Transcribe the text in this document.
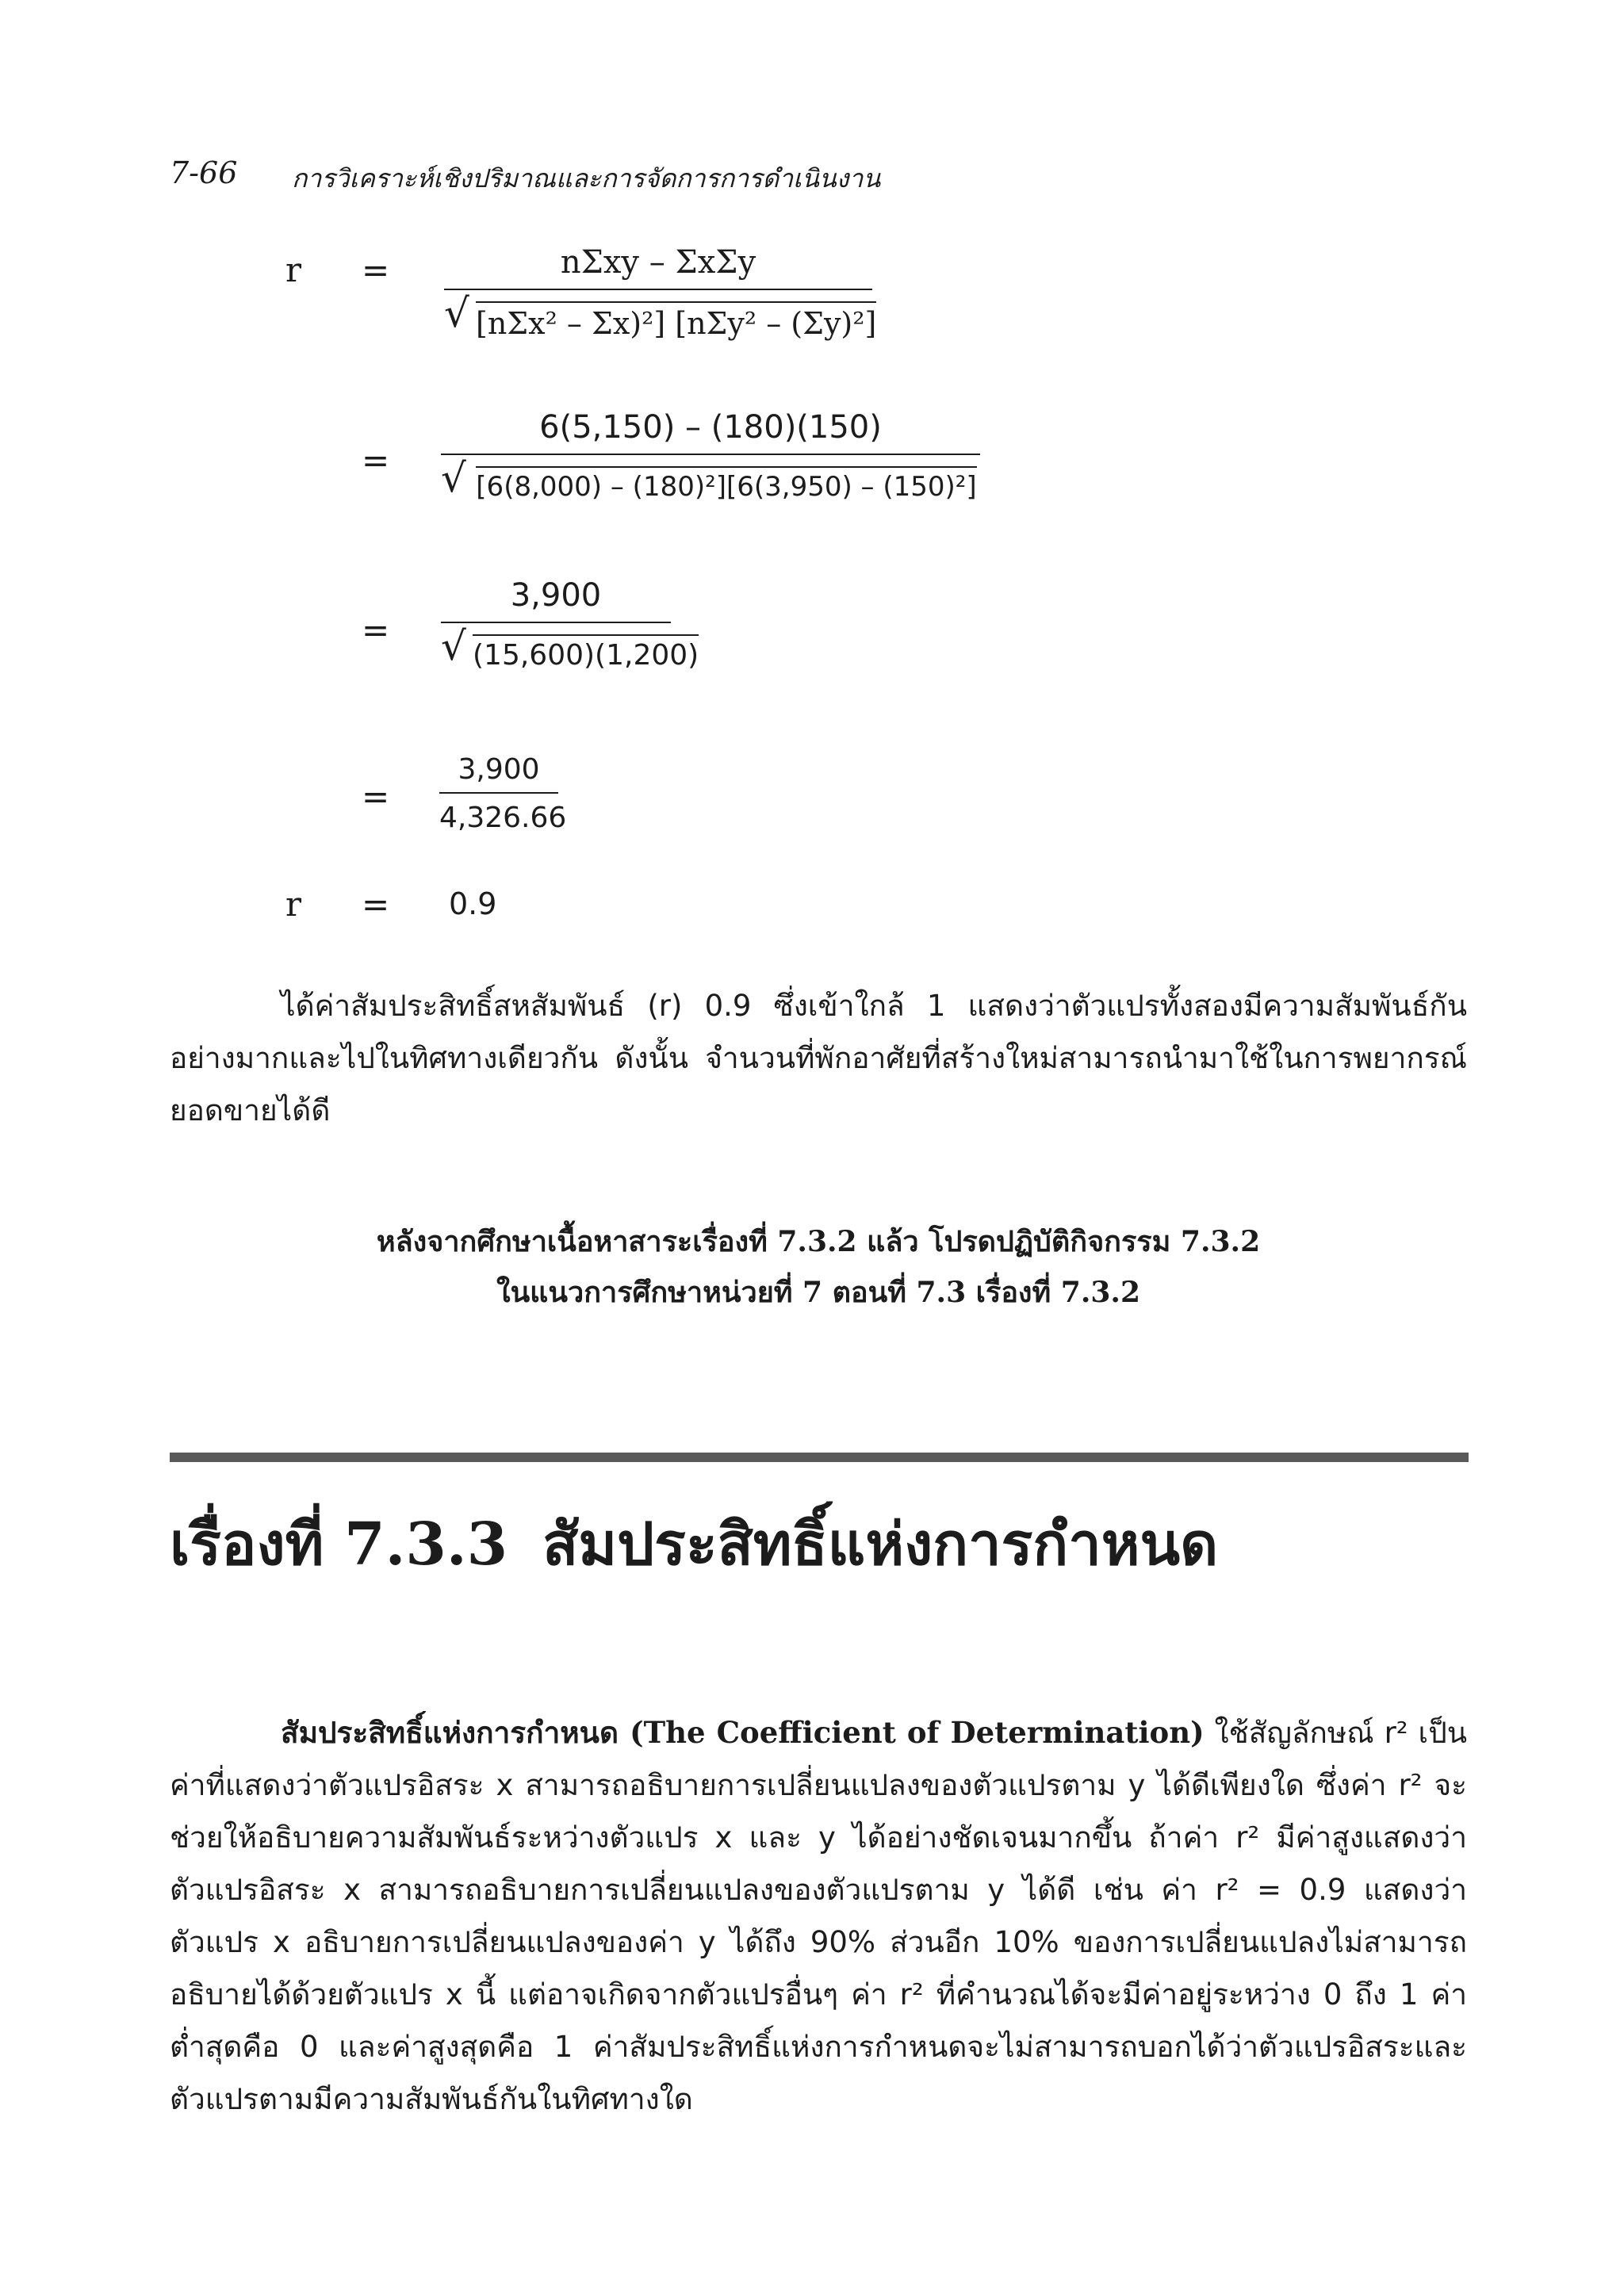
7-66 การวิเคราะห์เชิงปริมาณและการจัดการการดำเนินงาน
r =	nΣxy – ΣxΣy
√ [nΣx² – Σx)²] [nΣy² – (Σy)²]
=
6(5,150) – (180)(150)
√ [6(8,000) – (180)²][6(3,950) – (150)²]
=
3,900
√ (15,600)(1,200)
=
3,900
4,326.66
r = 0.9

ได้ค่าสัมประสิทธิ์สหสัมพันธ์ (r) 0.9 ซึ่งเข้าใกล้ 1 แสดงว่าตัวแปรทั้งสองมีความสัมพันธ์กันอย่างมากและไปในทิศทางเดียวกัน ดังนั้น จำนวนที่พักอาศัยที่สร้างใหม่สามารถนำมาใช้ในการพยากรณ์ยอดขายได้ดี

หลังจากศึกษาเนื้อหาสาระเรื่องที่ 7.3.2 แล้ว โปรดปฏิบัติกิจกรรม 7.3.2
ในแนวการศึกษาหน่วยที่ 7 ตอนที่ 7.3 เรื่องที่ 7.3.2
เรื่องที่ 7.3.3 สัมประสิทธิ์แห่งการกำหนด

สัมประสิทธิ์แห่งการกำหนด (The Coefficient of Determination) ใช้สัญลักษณ์ r² เป็นค่าที่แสดงว่าตัวแปรอิสระ x สามารถอธิบายการเปลี่ยนแปลงของตัวแปรตาม y ได้ดีเพียงใด ซึ่งค่า r² จะช่วยให้อธิบายความสัมพันธ์ระหว่างตัวแปร x และ y ได้อย่างชัดเจนมากขึ้น ถ้าค่า r² มีค่าสูงแสดงว่าตัวแปรอิสระ x สามารถอธิบายการเปลี่ยนแปลงของตัวแปรตาม y ได้ดี เช่น ค่า r² = 0.9 แสดงว่าตัวแปร x อธิบายการเปลี่ยนแปลงของค่า y ได้ถึง 90% ส่วนอีก 10% ของการเปลี่ยนแปลงไม่สามารถอธิบายได้ด้วยตัวแปร x นี้ แต่อาจเกิดจากตัวแปรอื่นๆ ค่า r² ที่คำนวณได้จะมีค่าอยู่ระหว่าง 0 ถึง 1 ค่าต่ำสุดคือ 0 และค่าสูงสุดคือ 1 ค่าสัมประสิทธิ์แห่งการกำหนดจะไม่สามารถบอกได้ว่าตัวแปรอิสระและตัวแปรตามมีความสัมพันธ์กันในทิศทางใด
